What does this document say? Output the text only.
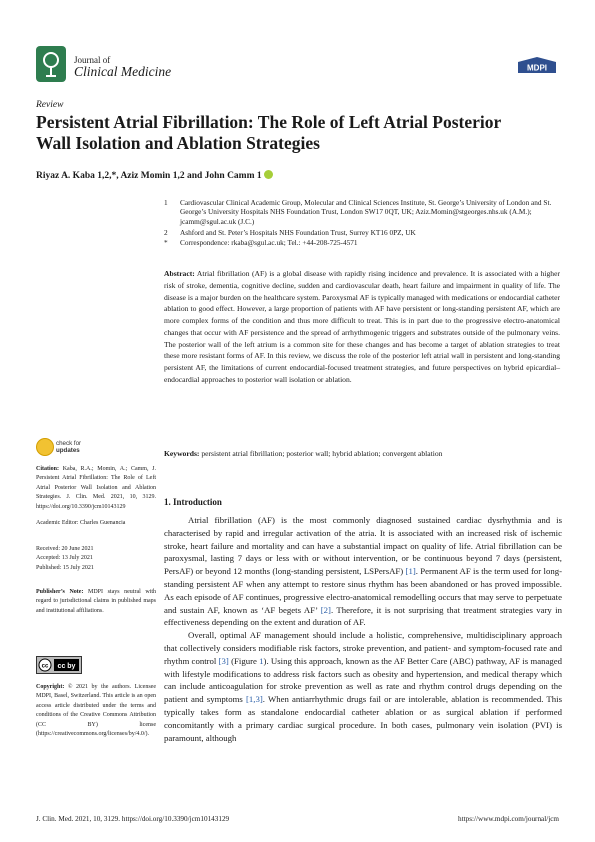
Journal of
Clinical Medicine	MDPI
Review
Persistent Atrial Fibrillation: The Role of Left Atrial Posterior Wall Isolation and Ablation Strategies
Riyaz A. Kaba 1,2,*, Aziz Momin 1,2 and John Camm 1
1	Cardiovascular Clinical Academic Group, Molecular and Clinical Sciences Institute, St. George’s University of London and St. George’s University Hospitals NHS Foundation Trust, London SW17 0QT, UK; Aziz.Momin@stgeorges.nhs.uk (A.M.); jcamm@sgul.ac.uk (J.C.)
2	Ashford and St. Peter’s Hospitals NHS Foundation Trust, Surrey KT16 0PZ, UK
*	Correspondence: rkaba@sgul.ac.uk; Tel.: +44-208-725-4571
Abstract: Atrial fibrillation (AF) is a global disease with rapidly rising incidence and prevalence. It is associated with a higher risk of stroke, dementia, cognitive decline, sudden and cardiovascular death, heart failure and impairment in quality of life. The disease is a major burden on the healthcare system. Paroxysmal AF is typically managed with medications or endocardial catheter ablation to good effect. However, a large proportion of patients with AF have persistent or long-standing persistent AF, which are more complex forms of the condition and thus more difficult to treat. This is in part due to the progressive electro-anatomical changes that occur with AF persistence and the spread of arrhythmogenic triggers and substrates outside of the pulmonary veins. The posterior wall of the left atrium is a common site for these changes and has become a target of ablation strategies to treat these more resistant forms of AF. In this review, we discuss the role of the posterior left atrial wall in persistent and long-standing persistent AF, the limitations of current endocardial-focused treatment strategies, and future perspectives on hybrid epicardial–endocardial approaches to posterior wall isolation or ablation.
Keywords: persistent atrial fibrillation; posterior wall; hybrid ablation; convergent ablation
check for
updates
Citation: Kaba, R.A.; Momin, A.; Camm, J. Persistent Atrial Fibrillation: The Role of Left Atrial Posterior Wall Isolation and Ablation Strategies. J. Clin. Med. 2021, 10, 3129. https://doi.org/10.3390/jcm10143129
Academic Editor: Charles Guenancia
Received: 20 June 2021
Accepted: 13 July 2021
Published: 15 July 2021
Publisher’s Note: MDPI stays neutral with regard to jurisdictional claims in published maps and institutional affiliations.
cc cc by
Copyright: © 2021 by the authors. Licensee MDPI, Basel, Switzerland. This article is an open access article distributed under the terms and conditions of the Creative Commons Attribution (CC BY) license (https://creativecommons.org/licenses/by/4.0/).
1. Introduction

Atrial fibrillation (AF) is the most commonly diagnosed sustained cardiac dysrhythmia and is characterised by rapid and irregular activation of the atria. It is associated with an increased risk of ischemic stroke, heart failure and mortality and can have a substantial impact on quality of life. Atrial fibrillation can be paroxysmal, lasting 7 days or less with or without intervention, or be continuous beyond 7 days (persistent, PersAF) or beyond 12 months (long-standing persistent, LSPersAF) [1]. Permanent AF is the term used for long-standing persistent AF when any attempt to restore sinus rhythm has been abandoned or has proved impossible. As each episode of AF continues, progressive electro-anatomical remodelling occurs that may serve to perpetuate and sustain AF, known as ‘AF begets AF’ [2]. Therefore, it is not surprising that treatment strategies vary in effectiveness depending on the extent and duration of AF.

Overall, optimal AF management should include a holistic, comprehensive, multidisciplinary approach that collectively considers modifiable risk factors, stroke prevention, and patient- and symptom-focused rate and rhythm control [3] (Figure 1). Using this approach, known as the AF Better Care (ABC) pathway, AF is managed with lifestyle modifications to address risk factors such as obesity and hypertension, and medical therapy which can include anticoagulation for stroke prevention as well as rate and rhythm control drugs depending on the patient and symptoms [1,3]. When antiarrhythmic drugs fail or are intolerable, ablation is recommended. This typically takes form as standalone endocardial catheter ablation or as surgical ablation if performed concomitantly with a primary cardiac surgical procedure. In both cases, pulmonary vein isolation (PVI) is paramount, although

J. Clin. Med. 2021, 10, 3129. https://doi.org/10.3390/jcm10143129	https://www.mdpi.com/journal/jcm
